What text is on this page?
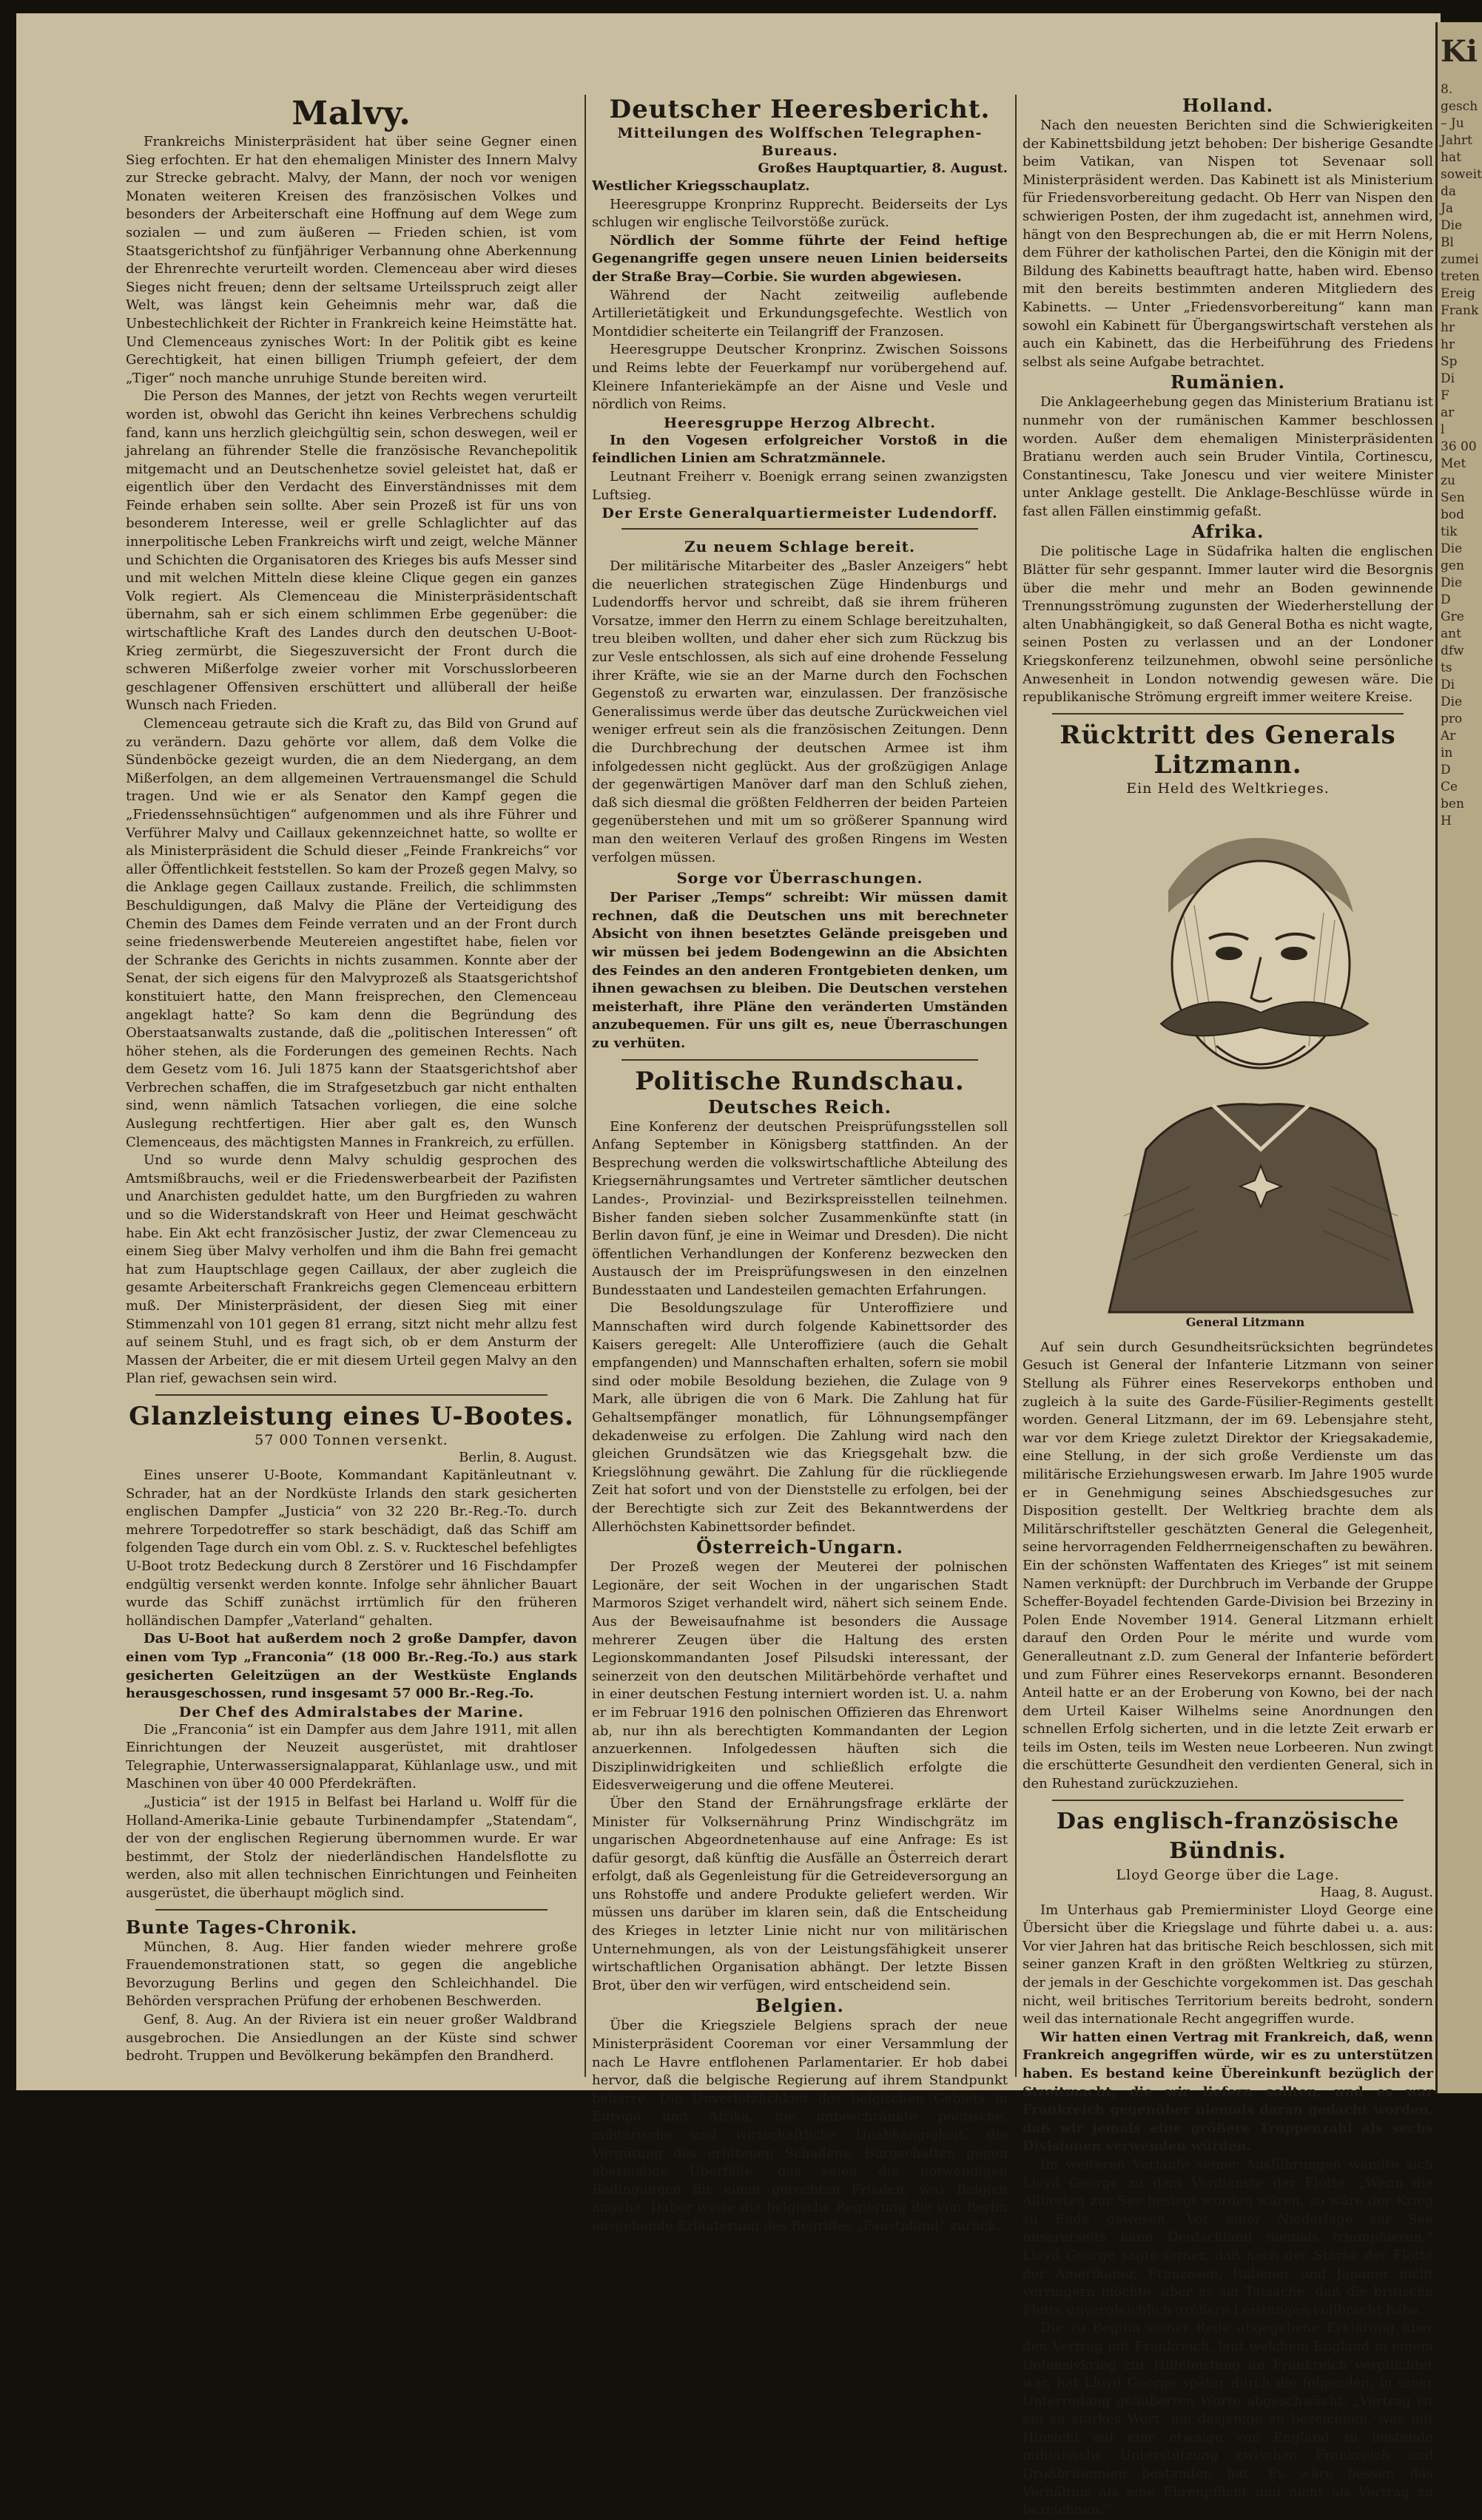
Malvy.

Frankreichs Ministerpräsident hat über seine Gegner einen Sieg erfochten. Er hat den ehemaligen Minister des Innern Malvy zur Strecke gebracht. Malvy, der Mann, der noch vor wenigen Monaten weiteren Kreisen des französischen Volkes und besonders der Arbeiterschaft eine Hoffnung auf dem Wege zum sozialen — und zum äußeren — Frieden schien, ist vom Staatsgerichtshof zu fünfjähriger Verbannung ohne Aberkennung der Ehrenrechte verurteilt worden. Clemenceau aber wird dieses Sieges nicht freuen; denn der seltsame Urteilsspruch zeigt aller Welt, was längst kein Geheimnis mehr war, daß die Unbestechlichkeit der Richter in Frankreich keine Heimstätte hat. Und Clemenceaus zynisches Wort: In der Politik gibt es keine Gerechtigkeit, hat einen billigen Triumph gefeiert, der dem „Tiger“ noch manche unruhige Stunde bereiten wird.

Die Person des Mannes, der jetzt von Rechts wegen verurteilt worden ist, obwohl das Gericht ihn keines Verbrechens schuldig fand, kann uns herzlich gleichgültig sein, schon deswegen, weil er jahrelang an führender Stelle die französische Revanchepolitik mitgemacht und an Deutschenhetze soviel geleistet hat, daß er eigentlich über den Verdacht des Einverständnisses mit dem Feinde erhaben sein sollte. Aber sein Prozeß ist für uns von besonderem Interesse, weil er grelle Schlaglichter auf das innerpolitische Leben Frankreichs wirft und zeigt, welche Männer und Schichten die Organisatoren des Krieges bis aufs Messer sind und mit welchen Mitteln diese kleine Clique gegen ein ganzes Volk regiert. Als Clemenceau die Ministerpräsidentschaft übernahm, sah er sich einem schlimmen Erbe gegenüber: die wirtschaftliche Kraft des Landes durch den deutschen U-Boot-Krieg zermürbt, die Siegeszuversicht der Front durch die schweren Mißerfolge zweier vorher mit Vorschusslorbeeren geschlagener Offensiven erschüttert und allüberall der heiße Wunsch nach Frieden.

Clemenceau getraute sich die Kraft zu, das Bild von Grund auf zu verändern. Dazu gehörte vor allem, daß dem Volke die Sündenböcke gezeigt wurden, die an dem Niedergang, an dem Mißerfolgen, an dem allgemeinen Vertrauensmangel die Schuld tragen. Und wie er als Senator den Kampf gegen die „Friedenssehnsüchtigen“ aufgenommen und als ihre Führer und Verführer Malvy und Caillaux gekennzeichnet hatte, so wollte er als Ministerpräsident die Schuld dieser „Feinde Frankreichs“ vor aller Öffentlichkeit feststellen. So kam der Prozeß gegen Malvy, so die Anklage gegen Caillaux zustande. Freilich, die schlimmsten Beschuldigungen, daß Malvy die Pläne der Verteidigung des Chemin des Dames dem Feinde verraten und an der Front durch seine friedenswerbende Meutereien angestiftet habe, fielen vor der Schranke des Gerichts in nichts zusammen. Konnte aber der Senat, der sich eigens für den Malvyprozeß als Staatsgerichtshof konstituiert hatte, den Mann freisprechen, den Clemenceau angeklagt hatte? So kam denn die Begründung des Oberstaatsanwalts zustande, daß die „politischen Interessen“ oft höher stehen, als die Forderungen des gemeinen Rechts. Nach dem Gesetz vom 16. Juli 1875 kann der Staatsgerichtshof aber Verbrechen schaffen, die im Strafgesetzbuch gar nicht enthalten sind, wenn nämlich Tatsachen vorliegen, die eine solche Auslegung rechtfertigen. Hier aber galt es, den Wunsch Clemenceaus, des mächtigsten Mannes in Frankreich, zu erfüllen.

Und so wurde denn Malvy schuldig gesprochen des Amtsmißbrauchs, weil er die Friedenswerbearbeit der Pazifisten und Anarchisten geduldet hatte, um den Burgfrieden zu wahren und so die Widerstandskraft von Heer und Heimat geschwächt habe. Ein Akt echt französischer Justiz, der zwar Clemenceau zu einem Sieg über Malvy verholfen und ihm die Bahn frei gemacht hat zum Hauptschlage gegen Caillaux, der aber zugleich die gesamte Arbeiterschaft Frankreichs gegen Clemenceau erbittern muß. Der Ministerpräsident, der diesen Sieg mit einer Stimmenzahl von 101 gegen 81 errang, sitzt nicht mehr allzu fest auf seinem Stuhl, und es fragt sich, ob er dem Ansturm der Massen der Arbeiter, die er mit diesem Urteil gegen Malvy an den Plan rief, gewachsen sein wird.

Glanzleistung eines U-Bootes.

57 000 Tonnen versenkt.

Berlin, 8. August.

Eines unserer U-Boote, Kommandant Kapitänleutnant v. Schrader, hat an der Nordküste Irlands den stark gesicherten englischen Dampfer „Justicia“ von 32 220 Br.-Reg.-To. durch mehrere Torpedotreffer so stark beschädigt, daß das Schiff am folgenden Tage durch ein vom Obl. z. S. v. Ruckteschel befehligtes U-Boot trotz Bedeckung durch 8 Zerstörer und 16 Fischdampfer endgültig versenkt werden konnte. Infolge sehr ähnlicher Bauart wurde das Schiff zunächst irrtümlich für den früheren holländischen Dampfer „Vaterland“ gehalten.

Das U-Boot hat außerdem noch 2 große Dampfer, davon einen vom Typ „Franconia“ (18 000 Br.-Reg.-To.) aus stark gesicherten Geleitzügen an der Westküste Englands herausgeschossen, rund insgesamt 57 000 Br.-Reg.-To.

Der Chef des Admiralstabes der Marine.

Die „Franconia“ ist ein Dampfer aus dem Jahre 1911, mit allen Einrichtungen der Neuzeit ausgerüstet, mit drahtloser Telegraphie, Unterwassersignalapparat, Kühlanlage usw., und mit Maschinen von über 40 000 Pferdekräften.

„Justicia“ ist der 1915 in Belfast bei Harland u. Wolff für die Holland-Amerika-Linie gebaute Turbinendampfer „Statendam“, der von der englischen Regierung übernommen wurde. Er war bestimmt, der Stolz der niederländischen Handelsflotte zu werden, also mit allen technischen Einrichtungen und Feinheiten ausgerüstet, die überhaupt möglich sind.

Bunte Tages-Chronik.

München, 8. Aug. Hier fanden wieder mehrere große Frauendemonstrationen statt, so gegen die angebliche Bevorzugung Berlins und gegen den Schleichhandel. Die Behörden versprachen Prüfung der erhobenen Beschwerden.

Genf, 8. Aug. An der Riviera ist ein neuer großer Waldbrand ausgebrochen. Die Ansiedlungen an der Küste sind schwer bedroht. Truppen und Bevölkerung bekämpfen den Brandherd.

Deutscher Heeresbericht.

Mitteilungen des Wolffschen Telegraphen-Bureaus.

Großes Hauptquartier, 8. August.

Westlicher Kriegsschauplatz.

Heeresgruppe Kronprinz Rupprecht. Beiderseits der Lys schlugen wir englische Teilvorstöße zurück.

Nördlich der Somme führte der Feind heftige Gegenangriffe gegen unsere neuen Linien beiderseits der Straße Bray—Corbie. Sie wurden abgewiesen.

Während der Nacht zeitweilig auflebende Artillerietätigkeit und Erkundungsgefechte. Westlich von Montdidier scheiterte ein Teilangriff der Franzosen.

Heeresgruppe Deutscher Kronprinz. Zwischen Soissons und Reims lebte der Feuerkampf nur vorübergehend auf. Kleinere Infanteriekämpfe an der Aisne und Vesle und nördlich von Reims.

Heeresgruppe Herzog Albrecht.

In den Vogesen erfolgreicher Vorstoß in die feindlichen Linien am Schratzmännele.

Leutnant Freiherr v. Boenigk errang seinen zwanzigsten Luftsieg.

Der Erste Generalquartiermeister Ludendorff.

Zu neuem Schlage bereit.

Der militärische Mitarbeiter des „Basler Anzeigers“ hebt die neuerlichen strategischen Züge Hindenburgs und Ludendorffs hervor und schreibt, daß sie ihrem früheren Vorsatze, immer den Herrn zu einem Schlage bereitzuhalten, treu bleiben wollten, und daher eher sich zum Rückzug bis zur Vesle entschlossen, als sich auf eine drohende Fesselung ihrer Kräfte, wie sie an der Marne durch den Fochschen Gegenstoß zu erwarten war, einzulassen. Der französische Generalissimus werde über das deutsche Zurückweichen viel weniger erfreut sein als die französischen Zeitungen. Denn die Durchbrechung der deutschen Armee ist ihm infolgedessen nicht geglückt. Aus der großzügigen Anlage der gegenwärtigen Manöver darf man den Schluß ziehen, daß sich diesmal die größten Feldherren der beiden Parteien gegenüberstehen und mit um so größerer Spannung wird man den weiteren Verlauf des großen Ringens im Westen verfolgen müssen.

Sorge vor Überraschungen.

Der Pariser „Temps“ schreibt: Wir müssen damit rechnen, daß die Deutschen uns mit berechneter Absicht von ihnen besetztes Gelände preisgeben und wir müssen bei jedem Bodengewinn an die Absichten des Feindes an den anderen Frontgebieten denken, um ihnen gewachsen zu bleiben. Die Deutschen verstehen meisterhaft, ihre Pläne den veränderten Umständen anzubequemen. Für uns gilt es, neue Überraschungen zu verhüten.

Politische Rundschau.
Deutsches Reich.

Eine Konferenz der deutschen Preisprüfungsstellen soll Anfang September in Königsberg stattfinden. An der Besprechung werden die volkswirtschaftliche Abteilung des Kriegsernährungsamtes und Vertreter sämtlicher deutschen Landes-, Provinzial- und Bezirkspreisstellen teilnehmen. Bisher fanden sieben solcher Zusammenkünfte statt (in Berlin davon fünf, je eine in Weimar und Dresden). Die nicht öffentlichen Verhandlungen der Konferenz bezwecken den Austausch der im Preisprüfungswesen in den einzelnen Bundesstaaten und Landesteilen gemachten Erfahrungen.

Die Besoldungszulage für Unteroffiziere und Mannschaften wird durch folgende Kabinettsorder des Kaisers geregelt: Alle Unteroffiziere (auch die Gehalt empfangenden) und Mannschaften erhalten, sofern sie mobil sind oder mobile Besoldung beziehen, die Zulage von 9 Mark, alle übrigen die von 6 Mark. Die Zahlung hat für Gehaltsempfänger monatlich, für Löhnungsempfänger dekadenweise zu erfolgen. Die Zahlung wird nach den gleichen Grundsätzen wie das Kriegsgehalt bzw. die Kriegslöhnung gewährt. Die Zahlung für die rückliegende Zeit hat sofort und von der Dienststelle zu erfolgen, bei der der Berechtigte sich zur Zeit des Bekanntwerdens der Allerhöchsten Kabinettsorder befindet.

Österreich-Ungarn.

Der Prozeß wegen der Meuterei der polnischen Legionäre, der seit Wochen in der ungarischen Stadt Marmoros Sziget verhandelt wird, nähert sich seinem Ende. Aus der Beweisaufnahme ist besonders die Aussage mehrerer Zeugen über die Haltung des ersten Legionskommandanten Josef Pilsudski interessant, der seinerzeit von den deutschen Militärbehörde verhaftet und in einer deutschen Festung interniert worden ist. U. a. nahm er im Februar 1916 den polnischen Offizieren das Ehrenwort ab, nur ihn als berechtigten Kommandanten der Legion anzuerkennen. Infolgedessen häuften sich die Disziplinwidrigkeiten und schließlich erfolgte die Eidesverweigerung und die offene Meuterei.

Über den Stand der Ernährungsfrage erklärte der Minister für Volksernährung Prinz Windischgrätz im ungarischen Abgeordnetenhause auf eine Anfrage: Es ist dafür gesorgt, daß künftig die Ausfälle an Österreich derart erfolgt, daß als Gegenleistung für die Getreideversorgung an uns Rohstoffe und andere Produkte geliefert werden. Wir müssen uns darüber im klaren sein, daß die Entscheidung des Krieges in letzter Linie nicht nur von militärischen Unternehmungen, als von der Leistungsfähigkeit unserer wirtschaftlichen Organisation abhängt. Der letzte Bissen Brot, über den wir verfügen, wird entscheidend sein.

Belgien.

Über die Kriegsziele Belgiens sprach der neue Ministerpräsident Cooreman vor einer Versammlung der nach Le Havre entflohenen Parlamentarier. Er hob dabei hervor, daß die belgische Regierung auf ihrem Standpunkt beharre. Die Unverletzlichkeit des belgischen Gebiets in Europa und Afrika, die unbeschränkte politische, militärische und wirtschaftliche Unabhängigkeit, die Vergütung des erlittenen Schadens, Bürgschaften gegen abermalige Überfälle, das seien die notwendigen Bedingungen für einen gerechten Frieden, was Belgien angehe. Daher weise die belgische Regierung die von Berlin ausgehende Erläuterung des Begriffes „Faustpfand“ zurück.

Holland.

Nach den neuesten Berichten sind die Schwierigkeiten der Kabinettsbildung jetzt behoben: Der bisherige Gesandte beim Vatikan, van Nispen tot Sevenaar soll Ministerpräsident werden. Das Kabinett ist als Ministerium für Friedensvorbereitung gedacht. Ob Herr van Nispen den schwierigen Posten, der ihm zugedacht ist, annehmen wird, hängt von den Besprechungen ab, die er mit Herrn Nolens, dem Führer der katholischen Partei, den die Königin mit der Bildung des Kabinetts beauftragt hatte, haben wird. Ebenso mit den bereits bestimmten anderen Mitgliedern des Kabinetts. — Unter „Friedensvorbereitung“ kann man sowohl ein Kabinett für Übergangswirtschaft verstehen als auch ein Kabinett, das die Herbeiführung des Friedens selbst als seine Aufgabe betrachtet.

Rumänien.

Die Anklageerhebung gegen das Ministerium Bratianu ist nunmehr von der rumänischen Kammer beschlossen worden. Außer dem ehemaligen Ministerpräsidenten Bratianu werden auch sein Bruder Vintila, Cortinescu, Constantinescu, Take Jonescu und vier weitere Minister unter Anklage gestellt. Die Anklage-Beschlüsse würde in fast allen Fällen einstimmig gefaßt.

Afrika.

Die politische Lage in Südafrika halten die englischen Blätter für sehr gespannt. Immer lauter wird die Besorgnis über die mehr und mehr an Boden gewinnende Trennungsströmung zugunsten der Wiederherstellung der alten Unabhängigkeit, so daß General Botha es nicht wagte, seinen Posten zu verlassen und an der Londoner Kriegskonferenz teilzunehmen, obwohl seine persönliche Anwesenheit in London notwendig gewesen wäre. Die republikanische Strömung ergreift immer weitere Kreise.

Rücktritt des Generals Litzmann.

Ein Held des Weltkrieges.

General Litzmann

Auf sein durch Gesundheitsrücksichten begründetes Gesuch ist General der Infanterie Litzmann von seiner Stellung als Führer eines Reservekorps enthoben und zugleich à la suite des Garde-Füsilier-Regiments gestellt worden. General Litzmann, der im 69. Lebensjahre steht, war vor dem Kriege zuletzt Direktor der Kriegsakademie, eine Stellung, in der sich große Verdienste um das militärische Erziehungswesen erwarb. Im Jahre 1905 wurde er in Genehmigung seines Abschiedsgesuches zur Disposition gestellt. Der Weltkrieg brachte dem als Militärschriftsteller geschätzten General die Gelegenheit, seine hervorragenden Feldherrneigenschaften zu bewähren. Ein der schönsten Waffentaten des Krieges“ ist mit seinem Namen verknüpft: der Durchbruch im Verbande der Gruppe Scheffer-Boyadel fechtenden Garde-Division bei Brzeziny in Polen Ende November 1914. General Litzmann erhielt darauf den Orden Pour le mérite und wurde vom Generalleutnant z.D. zum General der Infanterie befördert und zum Führer eines Reservekorps ernannt. Besonderen Anteil hatte er an der Eroberung von Kowno, bei der nach dem Urteil Kaiser Wilhelms seine Anordnungen den schnellen Erfolg sicherten, und in die letzte Zeit erwarb er teils im Osten, teils im Westen neue Lorbeeren. Nun zwingt die erschütterte Gesundheit den verdienten General, sich in den Ruhestand zurückzuziehen.

Das englisch-französische Bündnis.

Lloyd George über die Lage.

Haag, 8. August.

Im Unterhaus gab Premierminister Lloyd George eine Übersicht über die Kriegslage und führte dabei u. a. aus: Vor vier Jahren hat das britische Reich beschlossen, sich mit seiner ganzen Kraft in den größten Weltkrieg zu stürzen, der jemals in der Geschichte vorgekommen ist. Das geschah nicht, weil britisches Territorium bereits bedroht, sondern weil das internationale Recht angegriffen wurde.

Wir hatten einen Vertrag mit Frankreich, daß, wenn Frankreich angegriffen würde, wir es zu unterstützen haben. Es bestand keine Übereinkunft bezüglich der Streitmacht, die wir liefern sollten, und es war Frankreich gegenüber niemals daran gedacht worden, daß wir jemals eine größere Truppenzahl als sechs Divisionen verwenden würden.

Im weiteren Verlaufe seiner Ausführungen wandte sich Lloyd George zu dem Verdienste der Flotte: „Wenn die Alliierten zur See besiegt worden wären, so wäre der Krieg zu Ende gewesen. Vor einer Niederlage zur See unsererseits kann Deutschland niemals triumphieren.“ Lloyd George sagte ferner, daß nach der Stärke der Flotte der Amerikaner, Franzosen, Italiener und Japaner nicht verringern möchte, aber es sei Tatsache, daß die britische Flotte unvergleichlich größere Leistungen vollbracht habe.

Die zu Beginn seiner Rede abgegebene Erklärung über den Vertrag mit Frankreich, laut welchem England in einem Defensivkrieg zur Hilfeleistung an Frankreich verpflichtet war, hat Lloyd George später durch die folgenden, in einer Unterredung geäußerten Worte abgeschwächt: „Vertrag ist ein zu starkes Wort, um dasjenige zu bezeichnen, was mit Hinsicht auf eine etwaige von England zu leistende militärische Unterstützung zwischen Frankreich und Großbritannien bestanden hat. Es wäre besser, das Verhältnis als eine Ehrenpflicht und nicht als Vertrag zu bezeichnen.“

Ki
8.
gesch
– Ju
Jahrt
hat
soweit
da
Ja
Die
Bl
zumei
treten
Ereig
Frank
hr
hr
Sp
Di
F
ar
l
36 00
Met
zu
Sen
bod
tik
Die
gen
Die
D
Gre
ant
dfw
ts
Di
Die
pro
Ar
in
D
Ce
ben
H
